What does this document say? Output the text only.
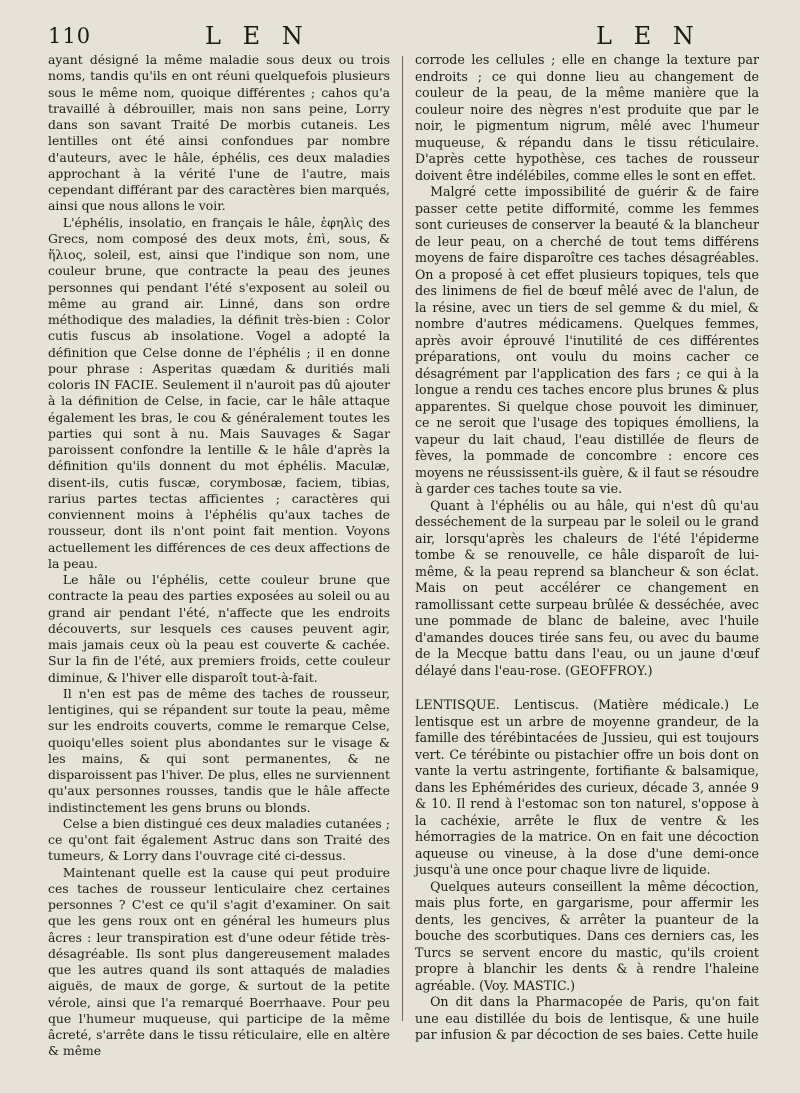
110	L E N	L E N

ayant désigné la même maladie sous deux ou trois noms, tandis qu'ils en ont réuni quelquefois plusieurs sous le même nom, quoique différentes ; cahos qu'a travaillé à débrouiller, mais non sans peine, Lorry dans son savant Traité De morbis cutaneis. Les lentilles ont été ainsi confondues par nombre d'auteurs, avec le hâle, éphélis, ces deux maladies approchant à la vérité l'une de l'autre, mais cependant différant par des caractères bien marqués, ainsi que nous allons le voir.

L'éphélis, insolatio, en français le hâle, ἐφηλὶς des Grecs, nom composé des deux mots, ἐπὶ, sous, & ἥλιος, soleil, est, ainsi que l'indique son nom, une couleur brune, que contracte la peau des jeunes personnes qui pendant l'été s'exposent au soleil ou même au grand air. Linné, dans son ordre méthodique des maladies, la définit très-bien : Color cutis fuscus ab insolatione. Vogel a adopté la définition que Celse donne de l'éphélis ; il en donne pour phrase : Asperitas quædam & duritiés mali coloris IN FACIE. Seulement il n'auroit pas dû ajouter à la définition de Celse, in facie, car le hâle attaque également les bras, le cou & généralement toutes les parties qui sont à nu. Mais Sauvages & Sagar paroissent confondre la lentille & le hâle d'après la définition qu'ils donnent du mot éphélis. Maculæ, disent-ils, cutis fuscæ, corymbosæ, faciem, tibias, rarius partes tectas afficientes ; caractères qui conviennent moins à l'éphélis qu'aux taches de rousseur, dont ils n'ont point fait mention. Voyons actuellement les différences de ces deux affections de la peau.

Le hâle ou l'éphélis, cette couleur brune que contracte la peau des parties exposées au soleil ou au grand air pendant l'été, n'affecte que les endroits découverts, sur lesquels ces causes peuvent agir, mais jamais ceux où la peau est couverte & cachée. Sur la fin de l'été, aux premiers froids, cette couleur diminue, & l'hiver elle disparoît tout-à-fait.

Il n'en est pas de même des taches de rousseur, lentigines, qui se répandent sur toute la peau, même sur les endroits couverts, comme le remarque Celse, quoiqu'elles soient plus abondantes sur le visage & les mains, & qui sont permanentes, & ne disparoissent pas l'hiver. De plus, elles ne surviennent qu'aux personnes rousses, tandis que le hâle affecte indistinctement les gens bruns ou blonds.

Celse a bien distingué ces deux maladies cutanées ; ce qu'ont fait également Astruc dans son Traité des tumeurs, & Lorry dans l'ouvrage cité ci-dessus.

Maintenant quelle est la cause qui peut produire ces taches de rousseur lenticulaire chez certaines personnes ? C'est ce qu'il s'agit d'examiner. On sait que les gens roux ont en général les humeurs plus âcres : leur transpiration est d'une odeur fétide très-désagréable. Ils sont plus dangereusement malades que les autres quand ils sont attaqués de maladies aiguës, de maux de gorge, & surtout de la petite vérole, ainsi que l'a remarqué Boerrhaave. Pour peu que l'humeur muqueuse, qui participe de la même âcreté, s'arrête dans le tissu réticulaire, elle en altère & même

corrode les cellules ; elle en change la texture par endroits ; ce qui donne lieu au changement de couleur de la peau, de la même manière que la couleur noire des nègres n'est produite que par le noir, le pigmentum nigrum, mêlé avec l'humeur muqueuse, & répandu dans le tissu réticulaire. D'après cette hypothèse, ces taches de rousseur doivent être indélébiles, comme elles le sont en effet.

Malgré cette impossibilité de guérir & de faire passer cette petite difformité, comme les femmes sont curieuses de conserver la beauté & la blancheur de leur peau, on a cherché de tout tems différens moyens de faire disparoître ces taches désagréables. On a proposé à cet effet plusieurs topiques, tels que des linimens de fiel de bœuf mêlé avec de l'alun, de la résine, avec un tiers de sel gemme & du miel, & nombre d'autres médicamens. Quelques femmes, après avoir éprouvé l'inutilité de ces différentes préparations, ont voulu du moins cacher ce désagrément par l'application des fars ; ce qui à la longue a rendu ces taches encore plus brunes & plus apparentes. Si quelque chose pouvoit les diminuer, ce ne seroit que l'usage des topiques émolliens, la vapeur du lait chaud, l'eau distillée de fleurs de fèves, la pommade de concombre : encore ces moyens ne réussissent-ils guère, & il faut se résoudre à garder ces taches toute sa vie.

Quant à l'éphélis ou au hâle, qui n'est dû qu'au desséchement de la surpeau par le soleil ou le grand air, lorsqu'après les chaleurs de l'été l'épiderme tombe & se renouvelle, ce hâle disparoît de lui-même, & la peau reprend sa blancheur & son éclat. Mais on peut accélérer ce changement en ramollissant cette surpeau brûlée & desséchée, avec une pommade de blanc de baleine, avec l'huile d'amandes douces tirée sans feu, ou avec du baume de la Mecque battu dans l'eau, ou un jaune d'œuf délayé dans l'eau-rose. (GEOFFROY.)

LENTISQUE. Lentiscus. (Matière médicale.) Le lentisque est un arbre de moyenne grandeur, de la famille des térébintacées de Jussieu, qui est toujours vert. Ce térébinte ou pistachier offre un bois dont on vante la vertu astringente, fortifiante & balsamique, dans les Ephémérides des curieux, décade 3, année 9 & 10. Il rend à l'estomac son ton naturel, s'oppose à la cachéxie, arrête le flux de ventre & les hémorragies de la matrice. On en fait une décoction aqueuse ou vineuse, à la dose d'une demi-once jusqu'à une once pour chaque livre de liquide.

Quelques auteurs conseillent la même décoction, mais plus forte, en gargarisme, pour affermir les dents, les gencives, & arrêter la puanteur de la bouche des scorbutiques. Dans ces derniers cas, les Turcs se servent encore du mastic, qu'ils croient propre à blanchir les dents & à rendre l'haleine agréable. (Voy. MASTIC.)

On dit dans la Pharmacopée de Paris, qu'on fait une eau distillée du bois de lentisque, & une huile par infusion & par décoction de ses baies. Cette huile
